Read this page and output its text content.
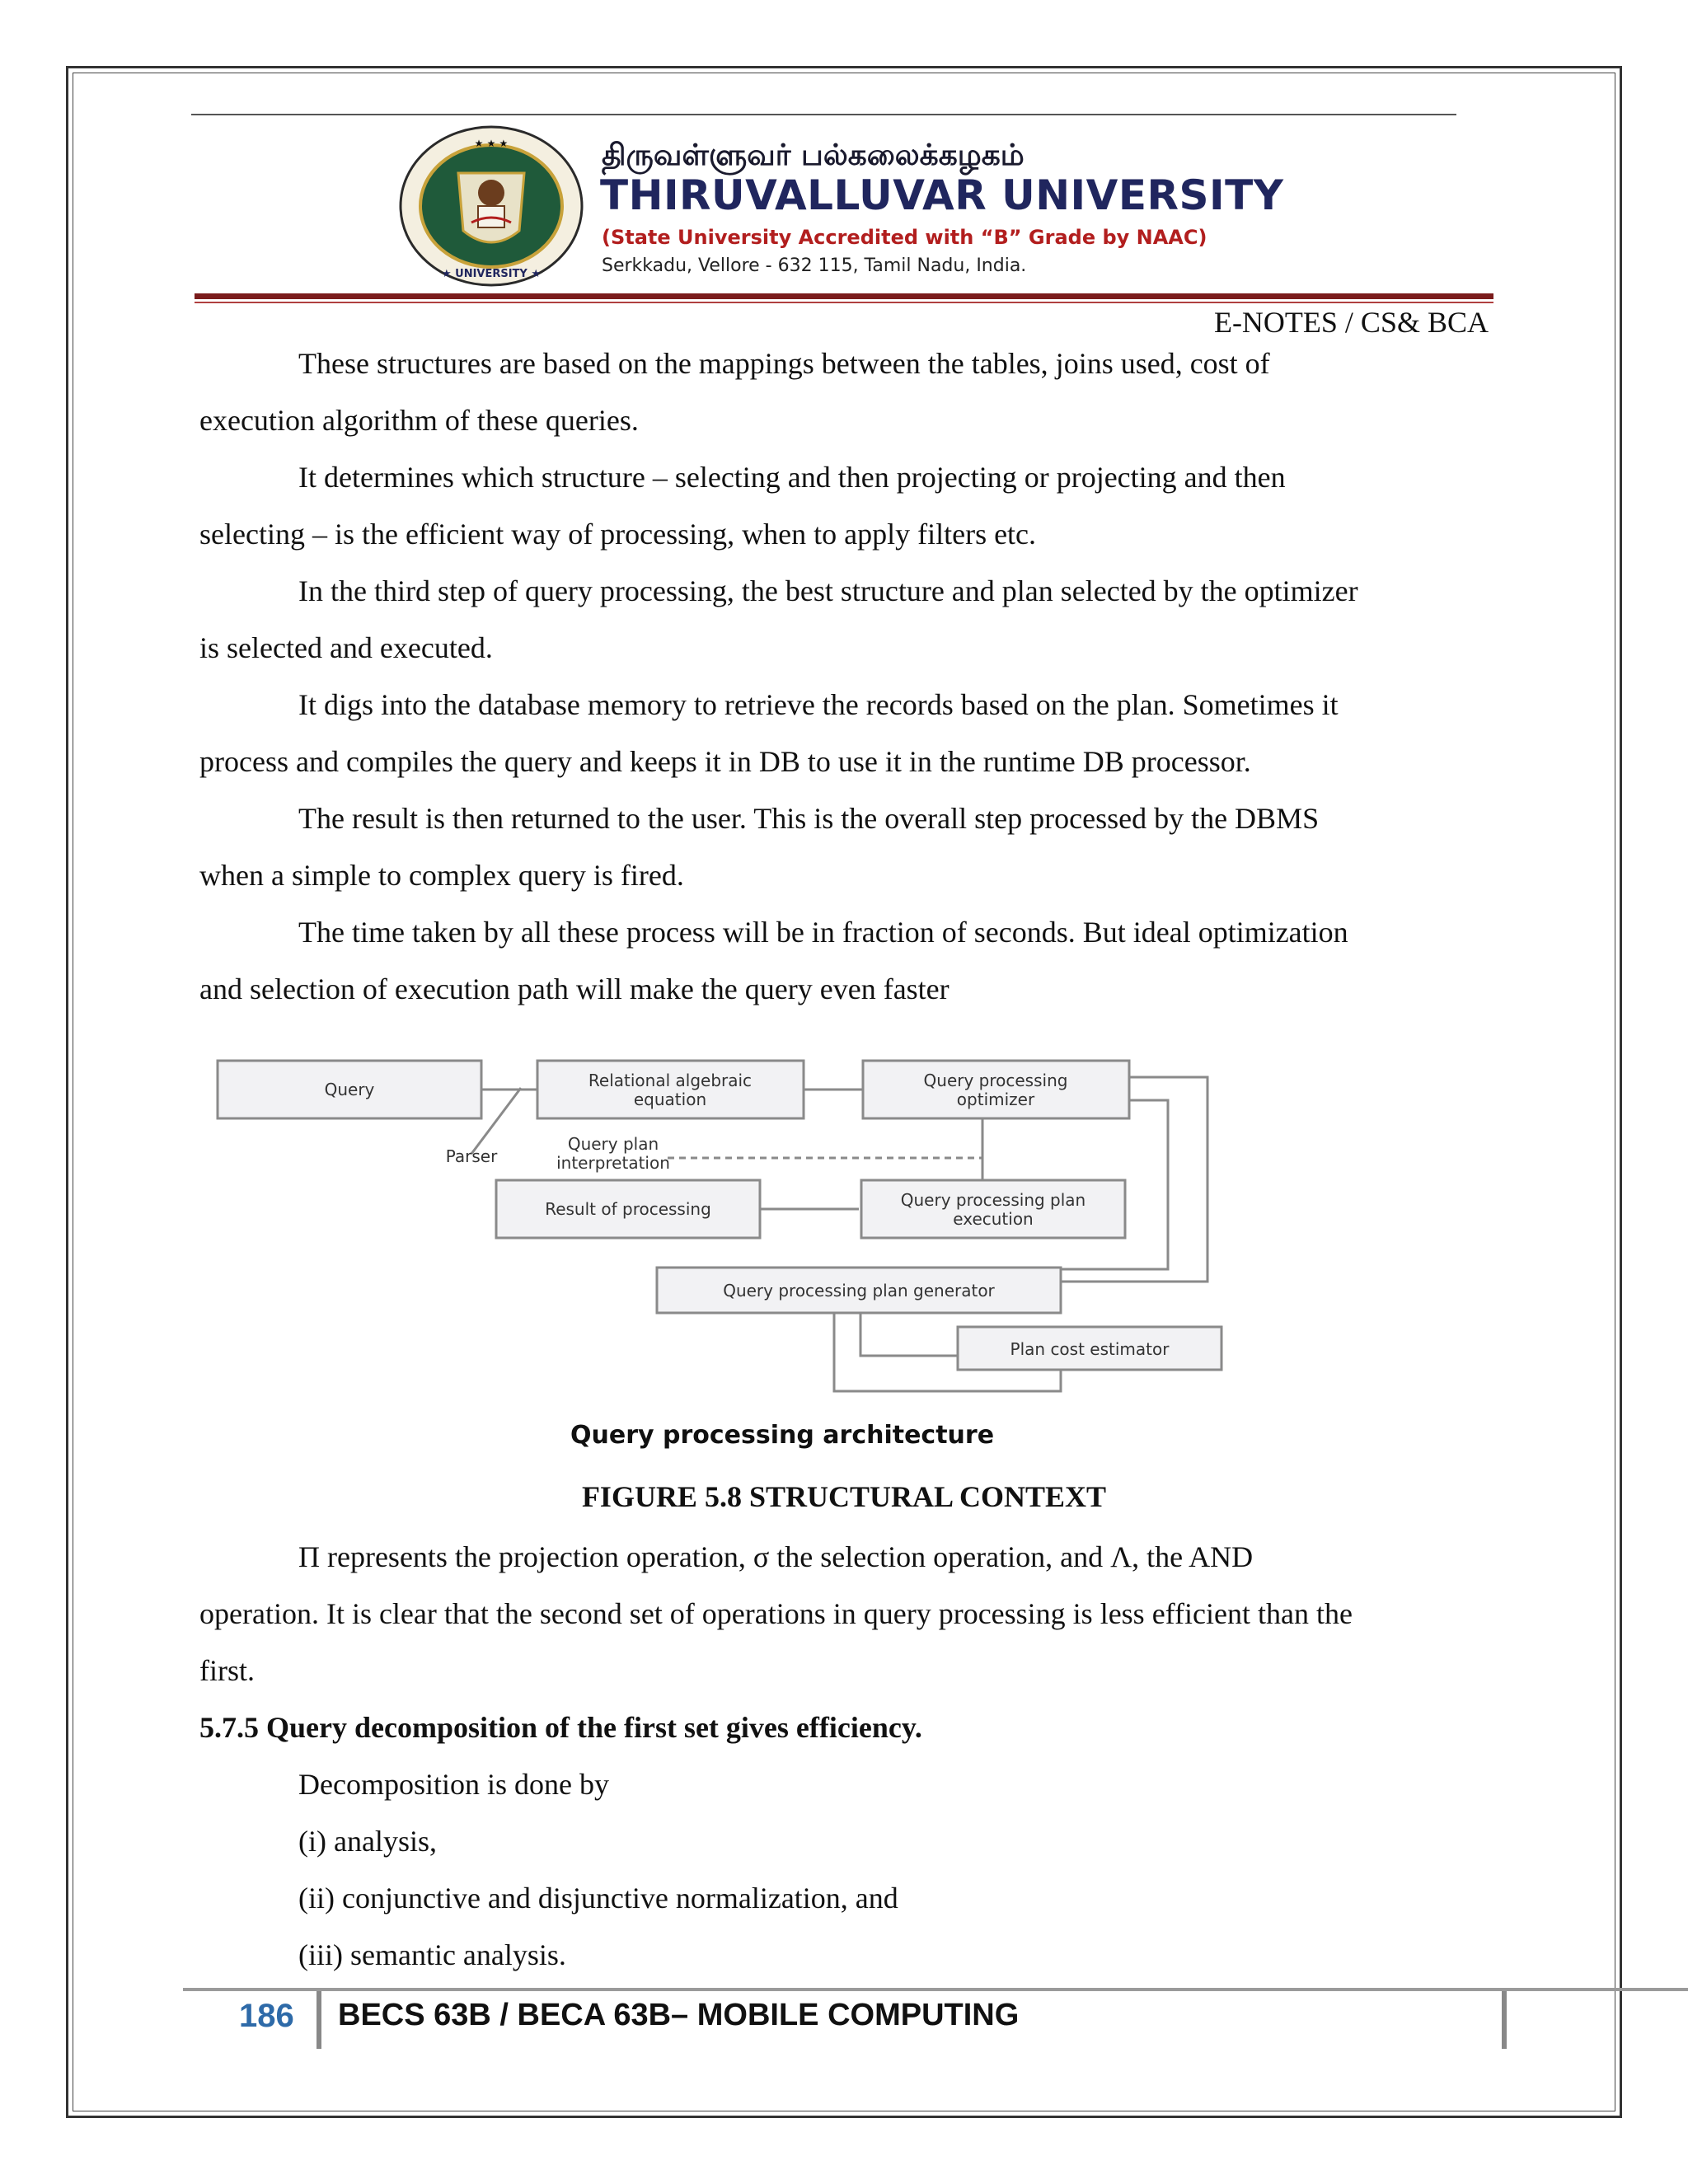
★ ★ ★
★ UNIVERSITY ★
திருவள்ளுவர் பல்கலைக்கழகம்
THIRUVALLUVAR UNIVERSITY
(State University Accredited with “B” Grade by NAAC)
Serkkadu, Vellore - 632 115, Tamil Nadu, India.
E-NOTES / CS& BCA

These structures are based on the mappings between the tables, joins used, cost of
execution algorithm of these queries.

It determines which structure – selecting and then projecting or projecting and then
selecting – is the efficient way of processing, when to apply filters etc.

In the third step of query processing, the best structure and plan selected by the optimizer
is selected and executed.

It digs into the database memory to retrieve the records based on the plan. Sometimes it
process and compiles the query and keeps it in DB to use it in the runtime DB processor.

The result is then returned to the user. This is the overall step processed by the DBMS
when a simple to complex query is fired.

The time taken by all these process will be in fraction of seconds. But ideal optimization
and selection of execution path will make the query even faster

Query	Relational algebraic
equation
Query processing
optimizer
Query plan
interpretation
Parser
Result of processing	Query processing plan
execution
Query processing plan generator
Plan cost estimator
Query processing architecture
FIGURE 5.8 STRUCTURAL CONTEXT

Π represents the projection operation, σ the selection operation, and Λ, the AND
operation. It is clear that the second set of operations in query processing is less efficient than the
first.

5.7.5 Query decomposition of the first set gives efficiency.

Decomposition is done by

(i) analysis,

(ii) conjunctive and disjunctive normalization, and

(iii) semantic analysis.

186 BECS 63B / BECA 63B– MOBILE COMPUTING
